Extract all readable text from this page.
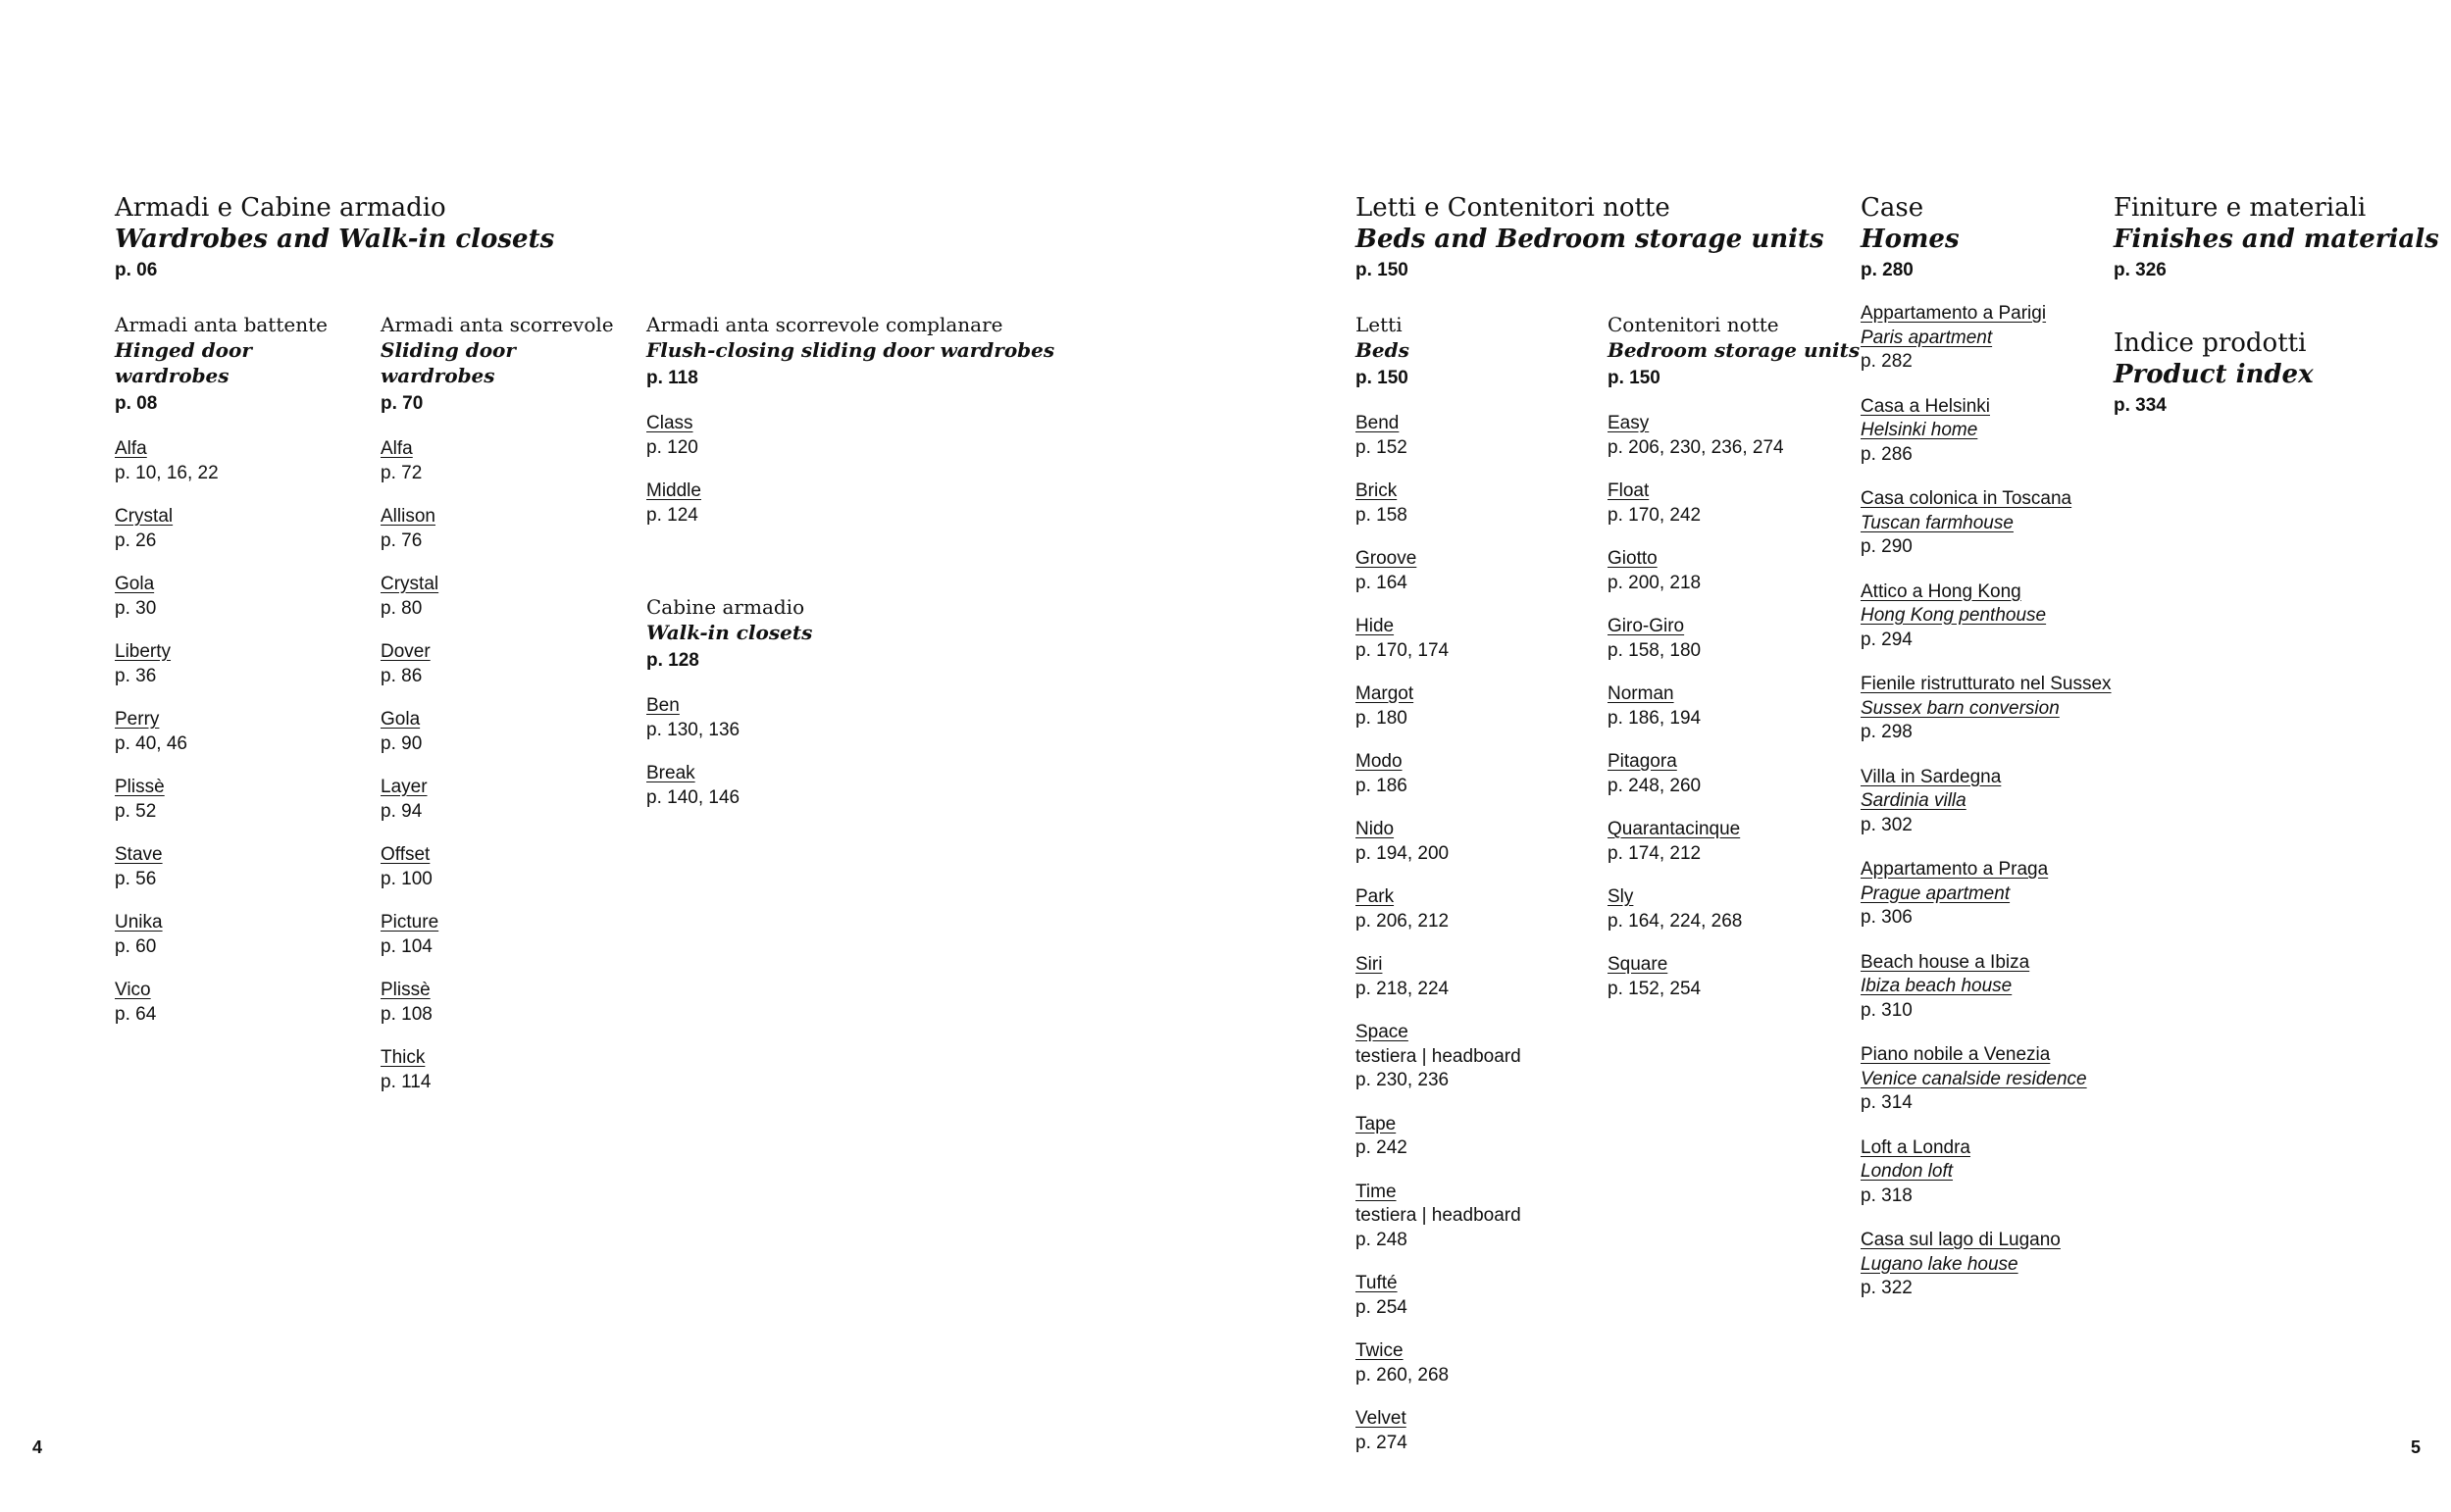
Armadi e Cabine armadio
Wardrobes and Walk-in closets
p. 06
Armadi anta battente
Hinged door wardrobes
p. 08
Alfa
p. 10, 16, 22
Crystal
p. 26
Gola
p. 30
Liberty
p. 36
Perry
p. 40, 46
Plissè
p. 52
Stave
p. 56
Unika
p. 60
Vico
p. 64
Armadi anta scorrevole
Sliding door wardrobes
p. 70
Alfa
p. 72
Allison
p. 76
Crystal
p. 80
Dover
p. 86
Gola
p. 90
Layer
p. 94
Offset
p. 100
Picture
p. 104
Plissè
p. 108
Thick
p. 114
Armadi anta scorrevole complanare
Flush-closing sliding door wardrobes
p. 118
Class
p. 120
Middle
p. 124
Cabine armadio
Walk-in closets
p. 128
Ben
p. 130, 136
Break
p. 140, 146
Letti e Contenitori notte
Beds and Bedroom storage units
p. 150
Letti
Beds
p. 150
Bend
p. 152
Brick
p. 158
Groove
p. 164
Hide
p. 170, 174
Margot
p. 180
Modo
p. 186
Nido
p. 194, 200
Park
p. 206, 212
Siri
p. 218, 224
Space
testiera | headboard
p. 230, 236
Tape
p. 242
Time
testiera | headboard
p. 248
Tufté
p. 254
Twice
p. 260, 268
Velvet
p. 274
Contenitori notte
Bedroom storage units
p. 150
Easy
p. 206, 230, 236, 274
Float
p. 170, 242
Giotto
p. 200, 218
Giro-Giro
p. 158, 180
Norman
p. 186, 194
Pitagora
p. 248, 260
Quarantacinque
p. 174, 212
Sly
p. 164, 224, 268
Square
p. 152, 254
Case
Homes
p. 280
Appartamento a Parigi
Paris apartment
p. 282
Casa a Helsinki
Helsinki home
p. 286
Casa colonica in Toscana
Tuscan farmhouse
p. 290
Attico a Hong Kong
Hong Kong penthouse
p. 294
Fienile ristrutturato nel Sussex
Sussex barn conversion
p. 298
Villa in Sardegna
Sardinia villa
p. 302
Appartamento a Praga
Prague apartment
p. 306
Beach house a Ibiza
Ibiza beach house
p. 310
Piano nobile a Venezia
Venice canalside residence
p. 314
Loft a Londra
London loft
p. 318
Casa sul lago di Lugano
Lugano lake house
p. 322
Finiture e materiali
Finishes and materials
p. 326
Indice prodotti
Product index
p. 334
4	5
